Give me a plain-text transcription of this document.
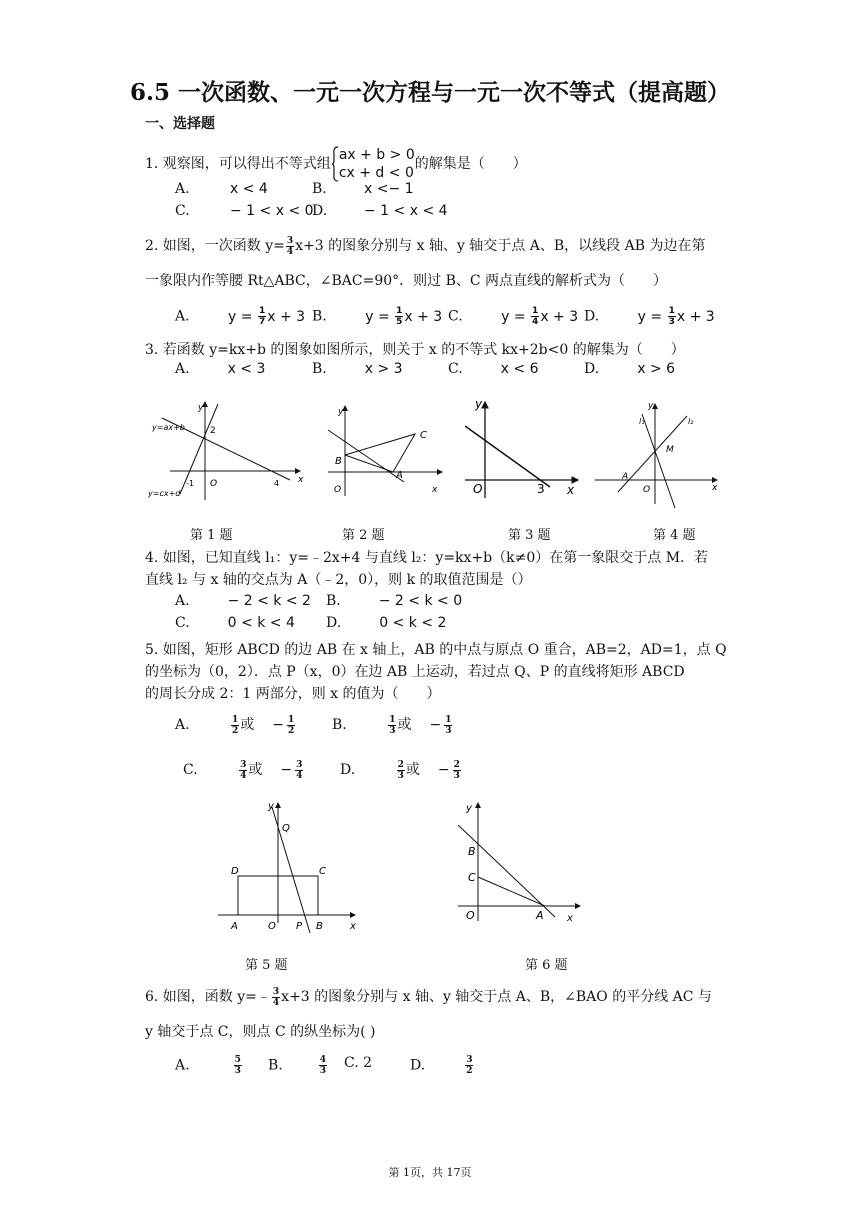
6.5 一次函数、一元一次方程与一元一次不等式（提高题）
一、选择题
1. 观察图，可以得出不等式组
ax + b > 0
cx + d < 0
的解集是（　　）
A.	x < 4	B.	x <− 1
C.	− 1 < x < 0
D.	− 1 < x < 4
2. 如图，一次函数 $y= \frac{3}{4} x+3$ 的图象分别与 x 轴、y 轴交于点 A、B，以线段 AB 为边在第
一象限内作等腰 Rt△ABC，∠BAC=90°．则过 B、C 两点直线的解析式为（　　）
A.	$y = \frac{1}{7}$ x + 3 B.	$y = \frac{1}{5}$ x + 3 C.	$y = \frac{1}{4}$ x + 3 D.	$y = \frac{1}{3}$ x + 3
3. 若函数 y=kx+b 的图象如图所示，则关于 x 的不等式 kx+2b<0 的解集为（　　）
A.	x < 3	B.	x > 3	C.	x < 6	D.	x > 6
y=ax+b
y=cx+d
y
x
O
2
-1	4
y
x
O
B
A
C
y
x
O	3
y
x
O
l₁	l₂
M
A
第 1 题	第 2 题	第 3 题	第 4 题
4. 如图，已知直线 l₁：y=﹣2x+4 与直线 l₂：y=kx+b（k≠0）在第一象限交于点 M．若
直线 l₂ 与 x 轴的交点为 A（﹣2，0），则 k 的取值范围是（）
A.	− 2 < k < 2 B.	− 2 < k < 0
C.	0 < k < 4 D.	0 < k < 2
5. 如图，矩形 ABCD 的边 AB 在 x 轴上，AB 的中点与原点 O 重合，AB=2，AD=1，点 Q
的坐标为（0，2）．点 P（x，0）在边 AB 上运动，若过点 Q、P 的直线将矩形 ABCD
的周长分成 2：1 两部分，则 x 的值为（　　）
A.	$\frac{1}{2}$ 或 − $\frac{1}{2}$	B.	$\frac{1}{3}$ 或 − $\frac{1}{3}$
C.	$\frac{3}{4}$ 或 − $\frac{3}{4}$	D.	$\frac{2}{3}$ 或 − $\frac{2}{3}$
y
x
Q
D	C
A	O P B
y
x
B
C
O	A
第 5 题	第 6 题
6. 如图，函数 y=﹣ $\frac{3}{4} x+3$ 的图象分别与 x 轴、y 轴交于点 A、B，∠BAO 的平分线 AC 与
y 轴交于点 C，则点 C 的纵坐标为( )
A.	$\frac{5}{3} B$.	$\frac{4}{3} C$. 2	D.	$\frac{3}{2}$
第 1页，共 17页
